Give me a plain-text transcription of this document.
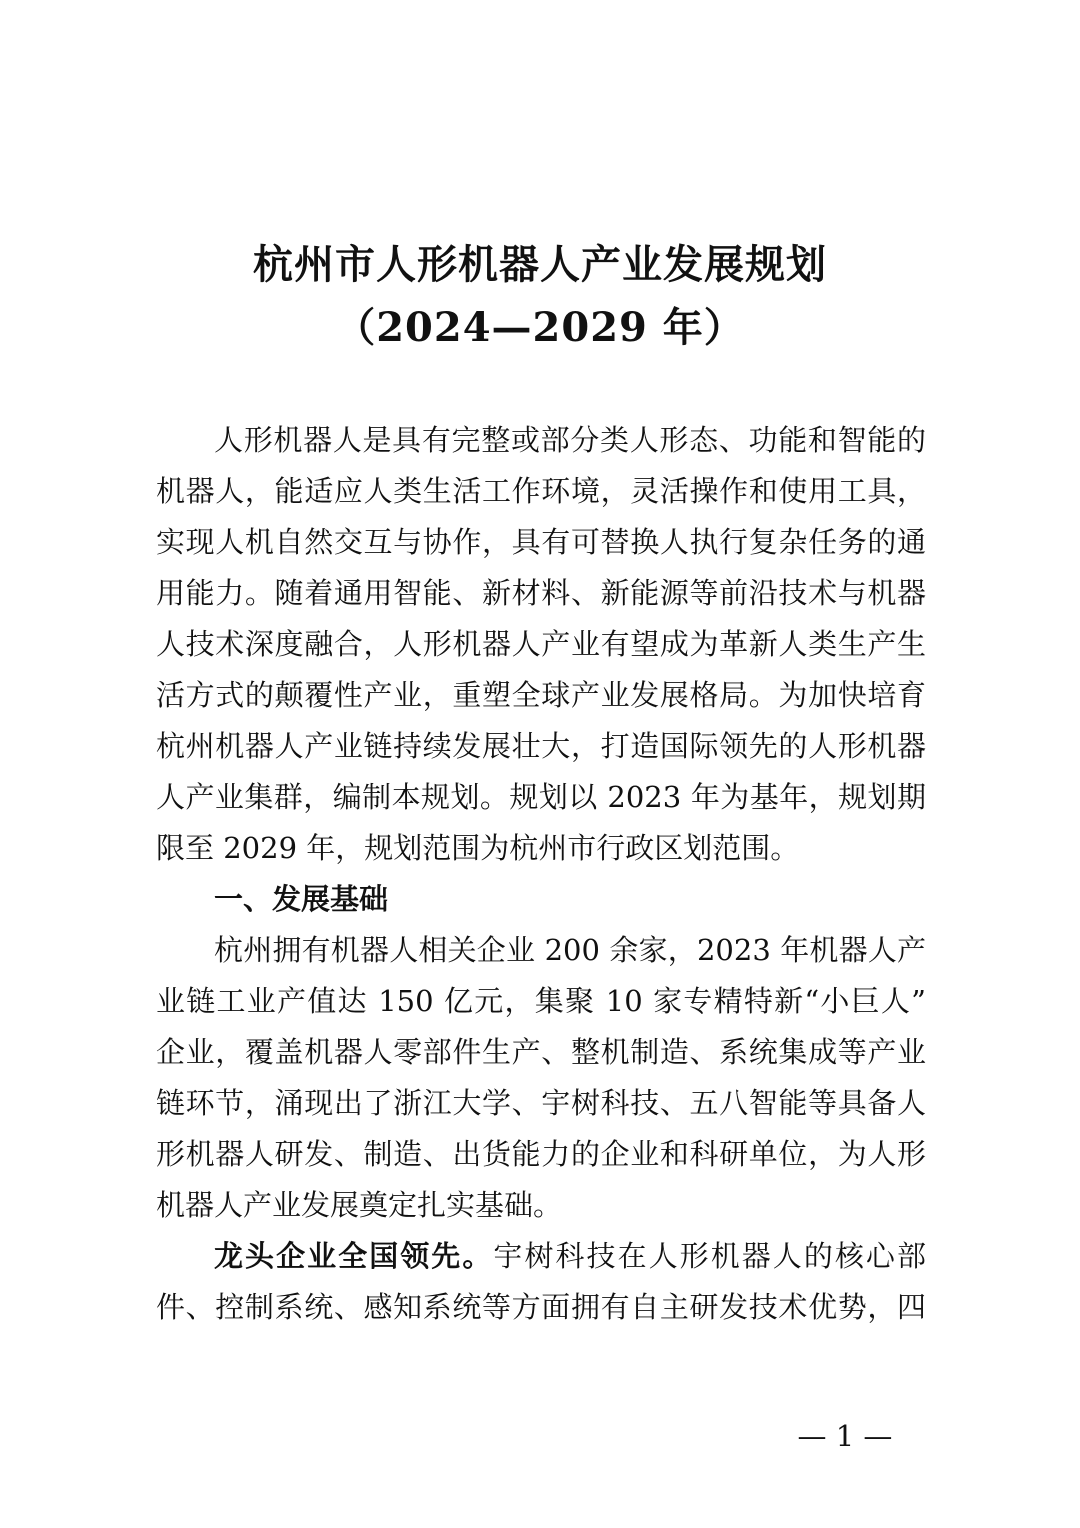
杭州市人形机器人产业发展规划
（2024—2029 年）
人形机器人是具有完整或部分类人形态、功能和智能的
机器人，能适应人类生活工作环境，灵活操作和使用工具，
实现人机自然交互与协作，具有可替换人执行复杂任务的通
用能力。随着通用智能、新材料、新能源等前沿技术与机器
人技术深度融合，人形机器人产业有望成为革新人类生产生
活方式的颠覆性产业，重塑全球产业发展格局。为加快培育
杭州机器人产业链持续发展壮大，打造国际领先的人形机器
人产业集群，编制本规划。规划以 2023 年为基年，规划期
限至 2029 年，规划范围为杭州市行政区划范围。
一、发展基础
杭州拥有机器人相关企业 200 余家，2023 年机器人产
业链工业产值达 150 亿元，集聚 10 家专精特新“小巨人”
企业，覆盖机器人零部件生产、整机制造、系统集成等产业
链环节，涌现出了浙江大学、宇树科技、五八智能等具备人
形机器人研发、制造、出货能力的企业和科研单位，为人形
机器人产业发展奠定扎实基础。
龙头企业全国领先。宇树科技在人形机器人的核心部
件、控制系统、感知系统等方面拥有自主研发技术优势，四
— 1 —
